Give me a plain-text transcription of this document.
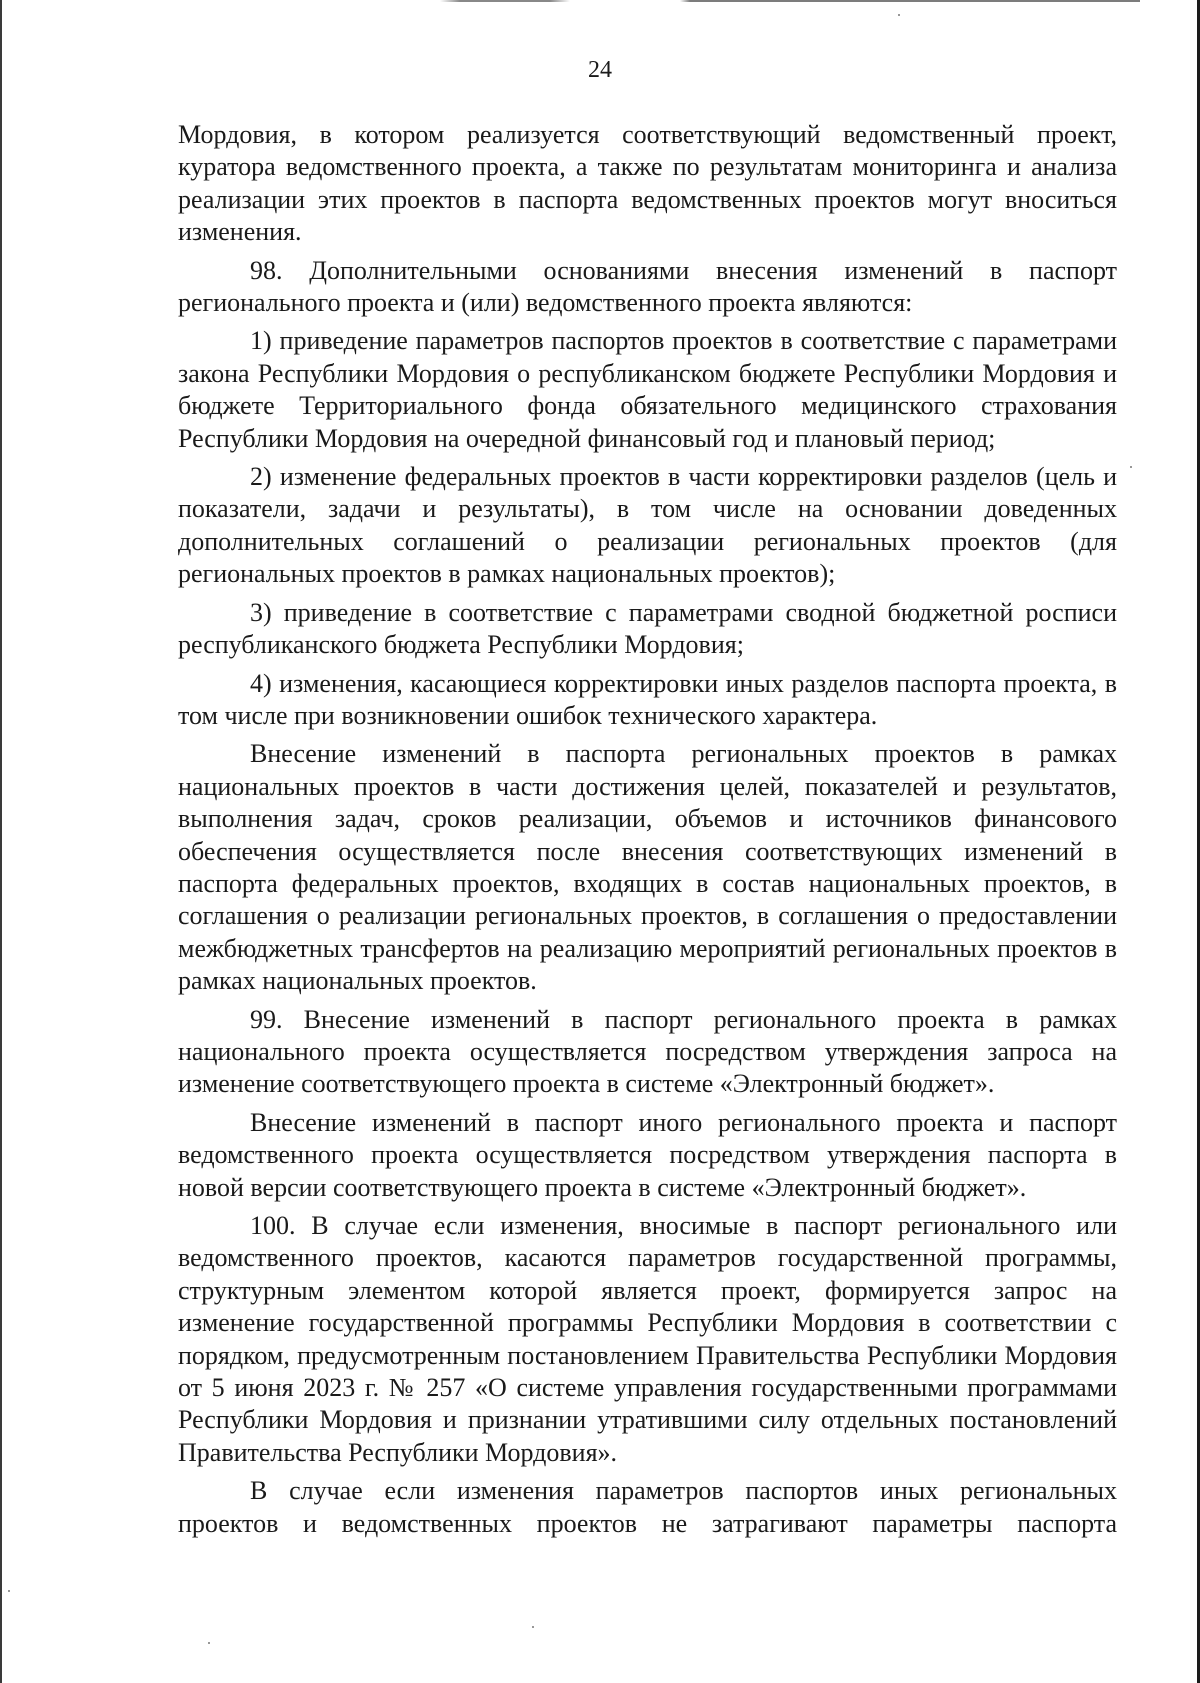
24

Мордовия, в котором реализуется соответствующий ведомственный проект, куратора ведомственного проекта, а также по результатам мониторинга и анализа реализации этих проектов в паспорта ведомственных проектов могут вноситься изменения.

98. Дополнительными основаниями внесения изменений в паспорт регионального проекта и (или) ведомственного проекта являются:

1) приведение параметров паспортов проектов в соответствие с параметрами закона Республики Мордовия о республиканском бюджете Республики Мордовия и бюджете Территориального фонда обязательного медицинского страхования Республики Мордовия на очередной финансовый год и плановый период;

2) изменение федеральных проектов в части корректировки разделов (цель и показатели, задачи и результаты), в том числе на основании доведенных дополнительных соглашений о реализации региональных проектов (для региональных проектов в рамках национальных проектов);

3) приведение в соответствие с параметрами сводной бюджетной росписи республиканского бюджета Республики Мордовия;

4) изменения, касающиеся корректировки иных разделов паспорта проекта, в том числе при возникновении ошибок технического характера.

Внесение изменений в паспорта региональных проектов в рамках национальных проектов в части достижения целей, показателей и результатов, выполнения задач, сроков реализации, объемов и источников финансового обеспечения осуществляется после внесения соответствующих изменений в паспорта федеральных проектов, входящих в состав национальных проектов, в соглашения о реализации региональных проектов, в соглашения о предоставлении межбюджетных трансфертов на реализацию мероприятий региональных проектов в рамках национальных проектов.

99. Внесение изменений в паспорт регионального проекта в рамках национального проекта осуществляется посредством утверждения запроса на изменение соответствующего проекта в системе «Электронный бюджет».

Внесение изменений в паспорт иного регионального проекта и паспорт ведомственного проекта осуществляется посредством утверждения паспорта в новой версии соответствующего проекта в системе «Электронный бюджет».

100. В случае если изменения, вносимые в паспорт регионального или ведомственного проектов, касаются параметров государственной программы, структурным элементом которой является проект, формируется запрос на изменение государственной программы Республики Мордовия в соответствии с порядком, предусмотренным постановлением Правительства Республики Мордовия от 5 июня 2023 г. № 257 «О системе управления государственными программами Республики Мордовия и признании утратившими силу отдельных постановлений Правительства Республики Мордовия».

В случае если изменения параметров паспортов иных региональных проектов и ведомственных проектов не затрагивают параметры паспорта
